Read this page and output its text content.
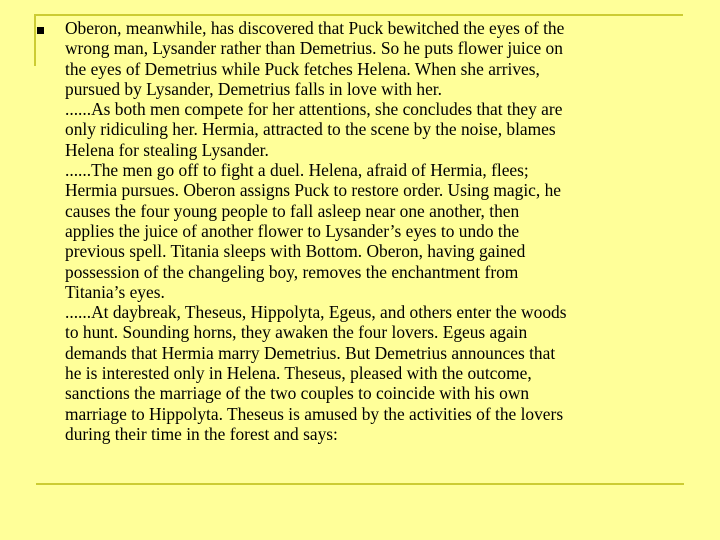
Oberon, meanwhile, has discovered that Puck bewitched the eyes of the
wrong man, Lysander rather than Demetrius. So he puts flower juice on
the eyes of Demetrius while Puck fetches Helena. When she arrives,
pursued by Lysander, Demetrius falls in love with her.
......As both men compete for her attentions, she concludes that they are
only ridiculing her. Hermia, attracted to the scene by the noise, blames
Helena for stealing Lysander.
......The men go off to fight a duel. Helena, afraid of Hermia, flees;
Hermia pursues. Oberon assigns Puck to restore order. Using magic, he
causes the four young people to fall asleep near one another, then
applies the juice of another flower to Lysander’s eyes to undo the
previous spell. Titania sleeps with Bottom. Oberon, having gained
possession of the changeling boy, removes the enchantment from
Titania’s eyes.
......At daybreak, Theseus, Hippolyta, Egeus, and others enter the woods
to hunt. Sounding horns, they awaken the four lovers. Egeus again
demands that Hermia marry Demetrius. But Demetrius announces that
he is interested only in Helena. Theseus, pleased with the outcome,
sanctions the marriage of the two couples to coincide with his own
marriage to Hippolyta. Theseus is amused by the activities of the lovers
during their time in the forest and says:
